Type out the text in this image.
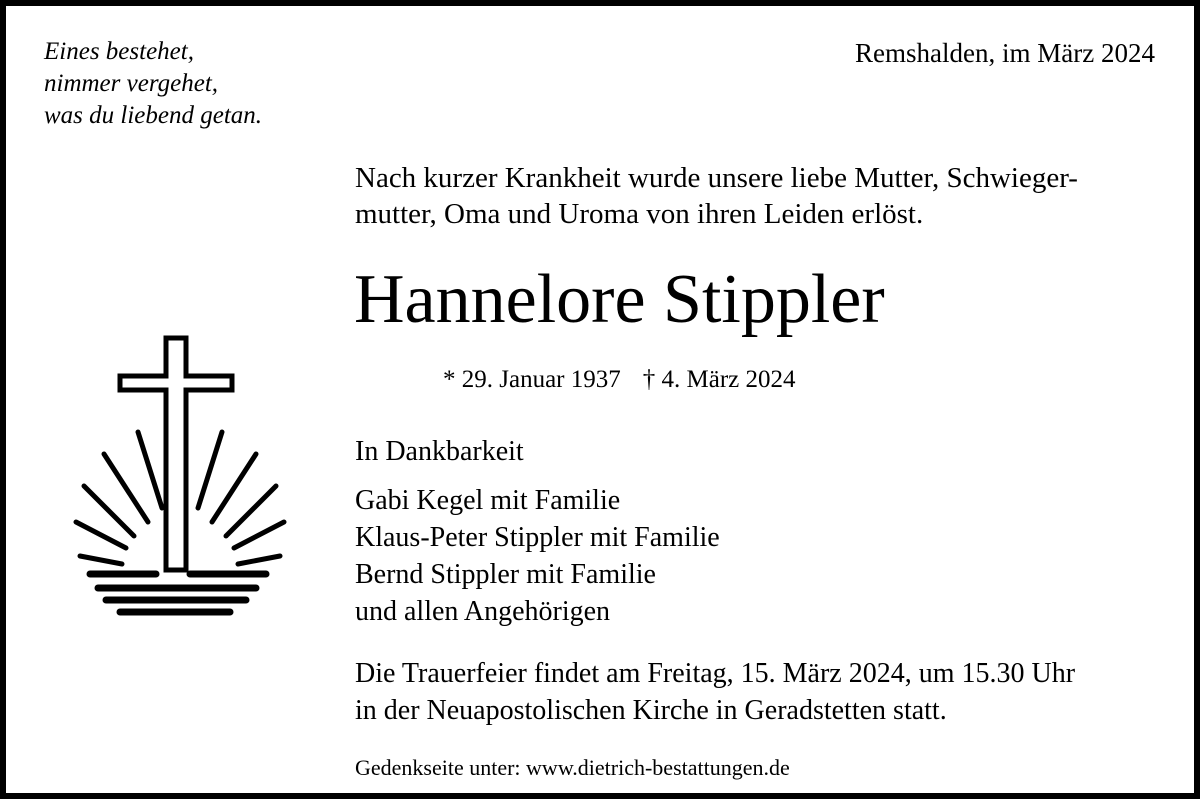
Eines bestehet,
nimmer vergehet,
was du liebend getan.
Remshalden, im März 2024
Nach kurzer Krankheit wurde unsere liebe Mutter, Schwieger-
mutter, Oma und Uroma von ihren Leiden erlöst.
Hannelore Stippler
* 29. Januar 1937 † 4. März 2024
In Dankbarkeit
Gabi Kegel mit Familie
Klaus-Peter Stippler mit Familie
Bernd Stippler mit Familie
und allen Angehörigen
Die Trauerfeier findet am Freitag, 15. März 2024, um 15.30 Uhr
in der Neuapostolischen Kirche in Geradstetten statt.
Gedenkseite unter: www.dietrich-bestattungen.de
